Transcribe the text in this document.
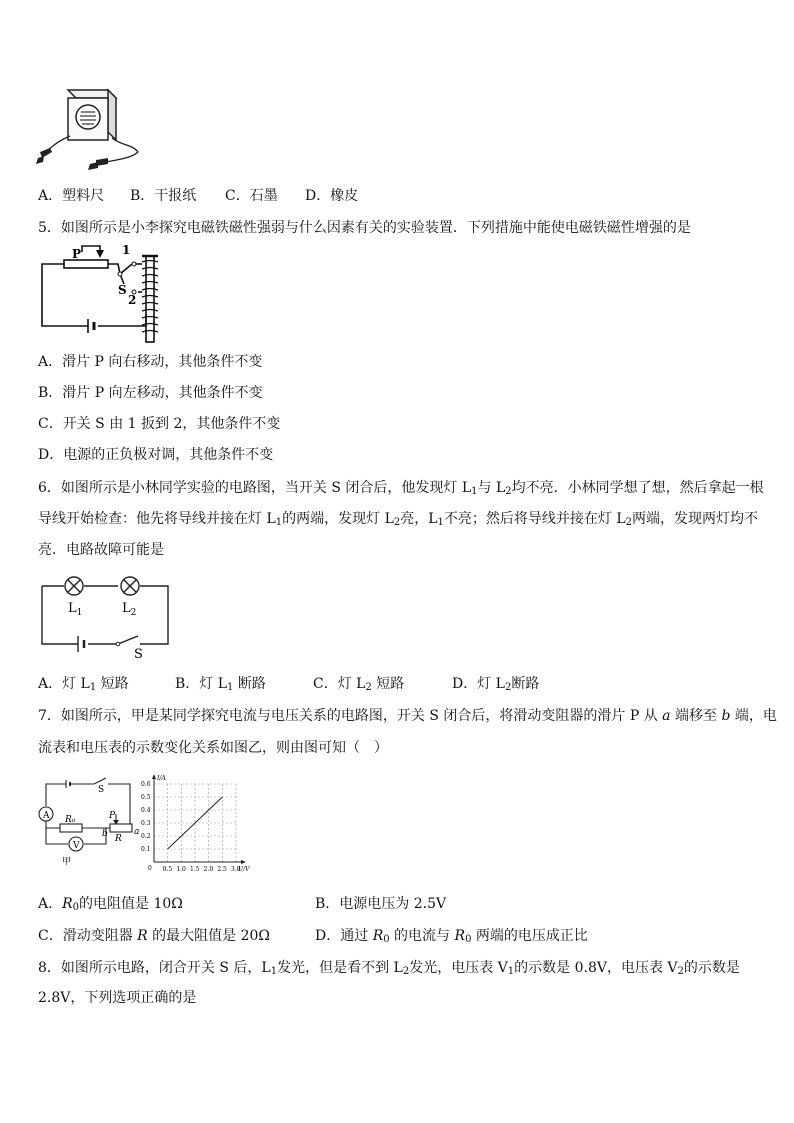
A．塑料尺 B．干报纸 C．石墨 D．橡皮
5．如图所示是小李探究电磁铁磁性强弱与什么因素有关的实验装置．下列措施中能使电磁铁磁性增强的是
P	1
S
2
A．滑片 P 向右移动，其他条件不变
B．滑片 P 向左移动，其他条件不变
C．开关 S 由 1 扳到 2，其他条件不变
D．电源的正负极对调，其他条件不变
6．如图所示是小林同学实验的电路图，当开关 S 闭合后，他发现灯 $L_1$与 $L_2$均不亮．小林同学想了想，然后拿起一根
导线开始检查：他先将导线并接在灯 $L_1$的两端，发现灯 $L_2$亮，$L_1$不亮；然后将导线并接在灯 $L_2$两端，发现两灯均不
亮．电路故障可能是
$L_1$	$L_2$
S
A．灯 $L_1$ 短路	B．灯 $L_1$ 断路	C．灯 $L_2$ 短路	D．灯 $L_2$断路
7．如图所示，甲是某同学探究电流与电压关系的电路图，开关 S 闭合后，将滑动变阻器的滑片 P 从 a 端移至 b 端，电
流表和电压表的示数变化关系如图乙，则由图可知（　）
A
V
S
R₀	P
b R
a
甲
0.5 1.0 1.5 2.0 2.5 3.0
0.1
0.2
0.3
0.4
0.5
0.6
0	U/V
I/A
A．$R_0$的电阻值是 10Ω	B．电源电压为 2.5V
C．滑动变阻器 R 的最大阻值是 20Ω	D．通过 $R_0$ 的电流与 $R_0$ 两端的电压成正比
8．如图所示电路，闭合开关 S 后，$L_1$发光，但是看不到 $L_2$发光，电压表 $V_1$的示数是 0.8V，电压表 $V_2$的示数是
2.8V，下列选项正确的是
